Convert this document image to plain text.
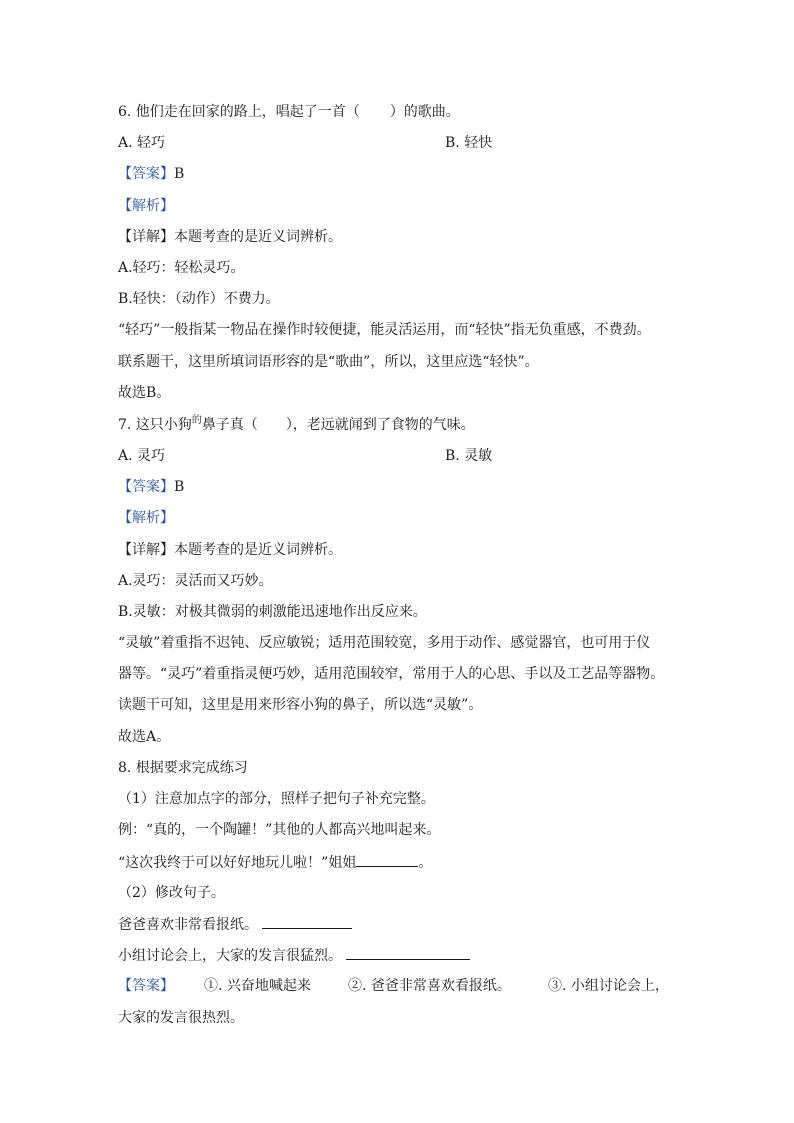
6. 他们走在回家的路上，唱起了一首（ ）的歌曲。
A. 轻巧	B. 轻快
【答案】B
【解析】
【详解】本题考查的是近义词辨析。
A.轻巧：轻松灵巧。
B.轻快：（动作）不费力。
“轻巧”一般指某一物品在操作时较便捷，能灵活运用，而“轻快”指无负重感，不费劲。
联系题干，这里所填词语形容的是“歌曲”，所以，这里应选“轻快”。
故选B。
7. 这只小狗$^的$鼻子真（ ），老远就闻到了食物的气味。
A. 灵巧	B. 灵敏
【答案】B
【解析】
【详解】本题考查的是近义词辨析。
A.灵巧：灵活而又巧妙。
B.灵敏：对极其微弱的刺激能迅速地作出反应来。
“灵敏”着重指不迟钝、反应敏锐；适用范围较宽，多用于动作、感觉器官，也可用于仪
器等。“灵巧”着重指灵便巧妙，适用范围较窄，常用于人的心思、手以及工艺品等器物。
读题干可知，这里是用来形容小狗的鼻子，所以选“灵敏”。
故选A。
8. 根据要求完成练习
（1）注意加点字的部分，照样子把句子补充完整。
例：“真的，一个陶罐！”其他的人都高兴地叫起来。
“这次我终于可以好好地玩儿啦！”姐姐	。
（2）修改句子。
爸爸喜欢非常看报纸。
小组讨论会上，大家的发言很猛烈。
【答案】 ①. 兴奋地喊起来	②. 爸爸非常喜欢看报纸。	③. 小组讨论会上，
大家的发言很热烈。
